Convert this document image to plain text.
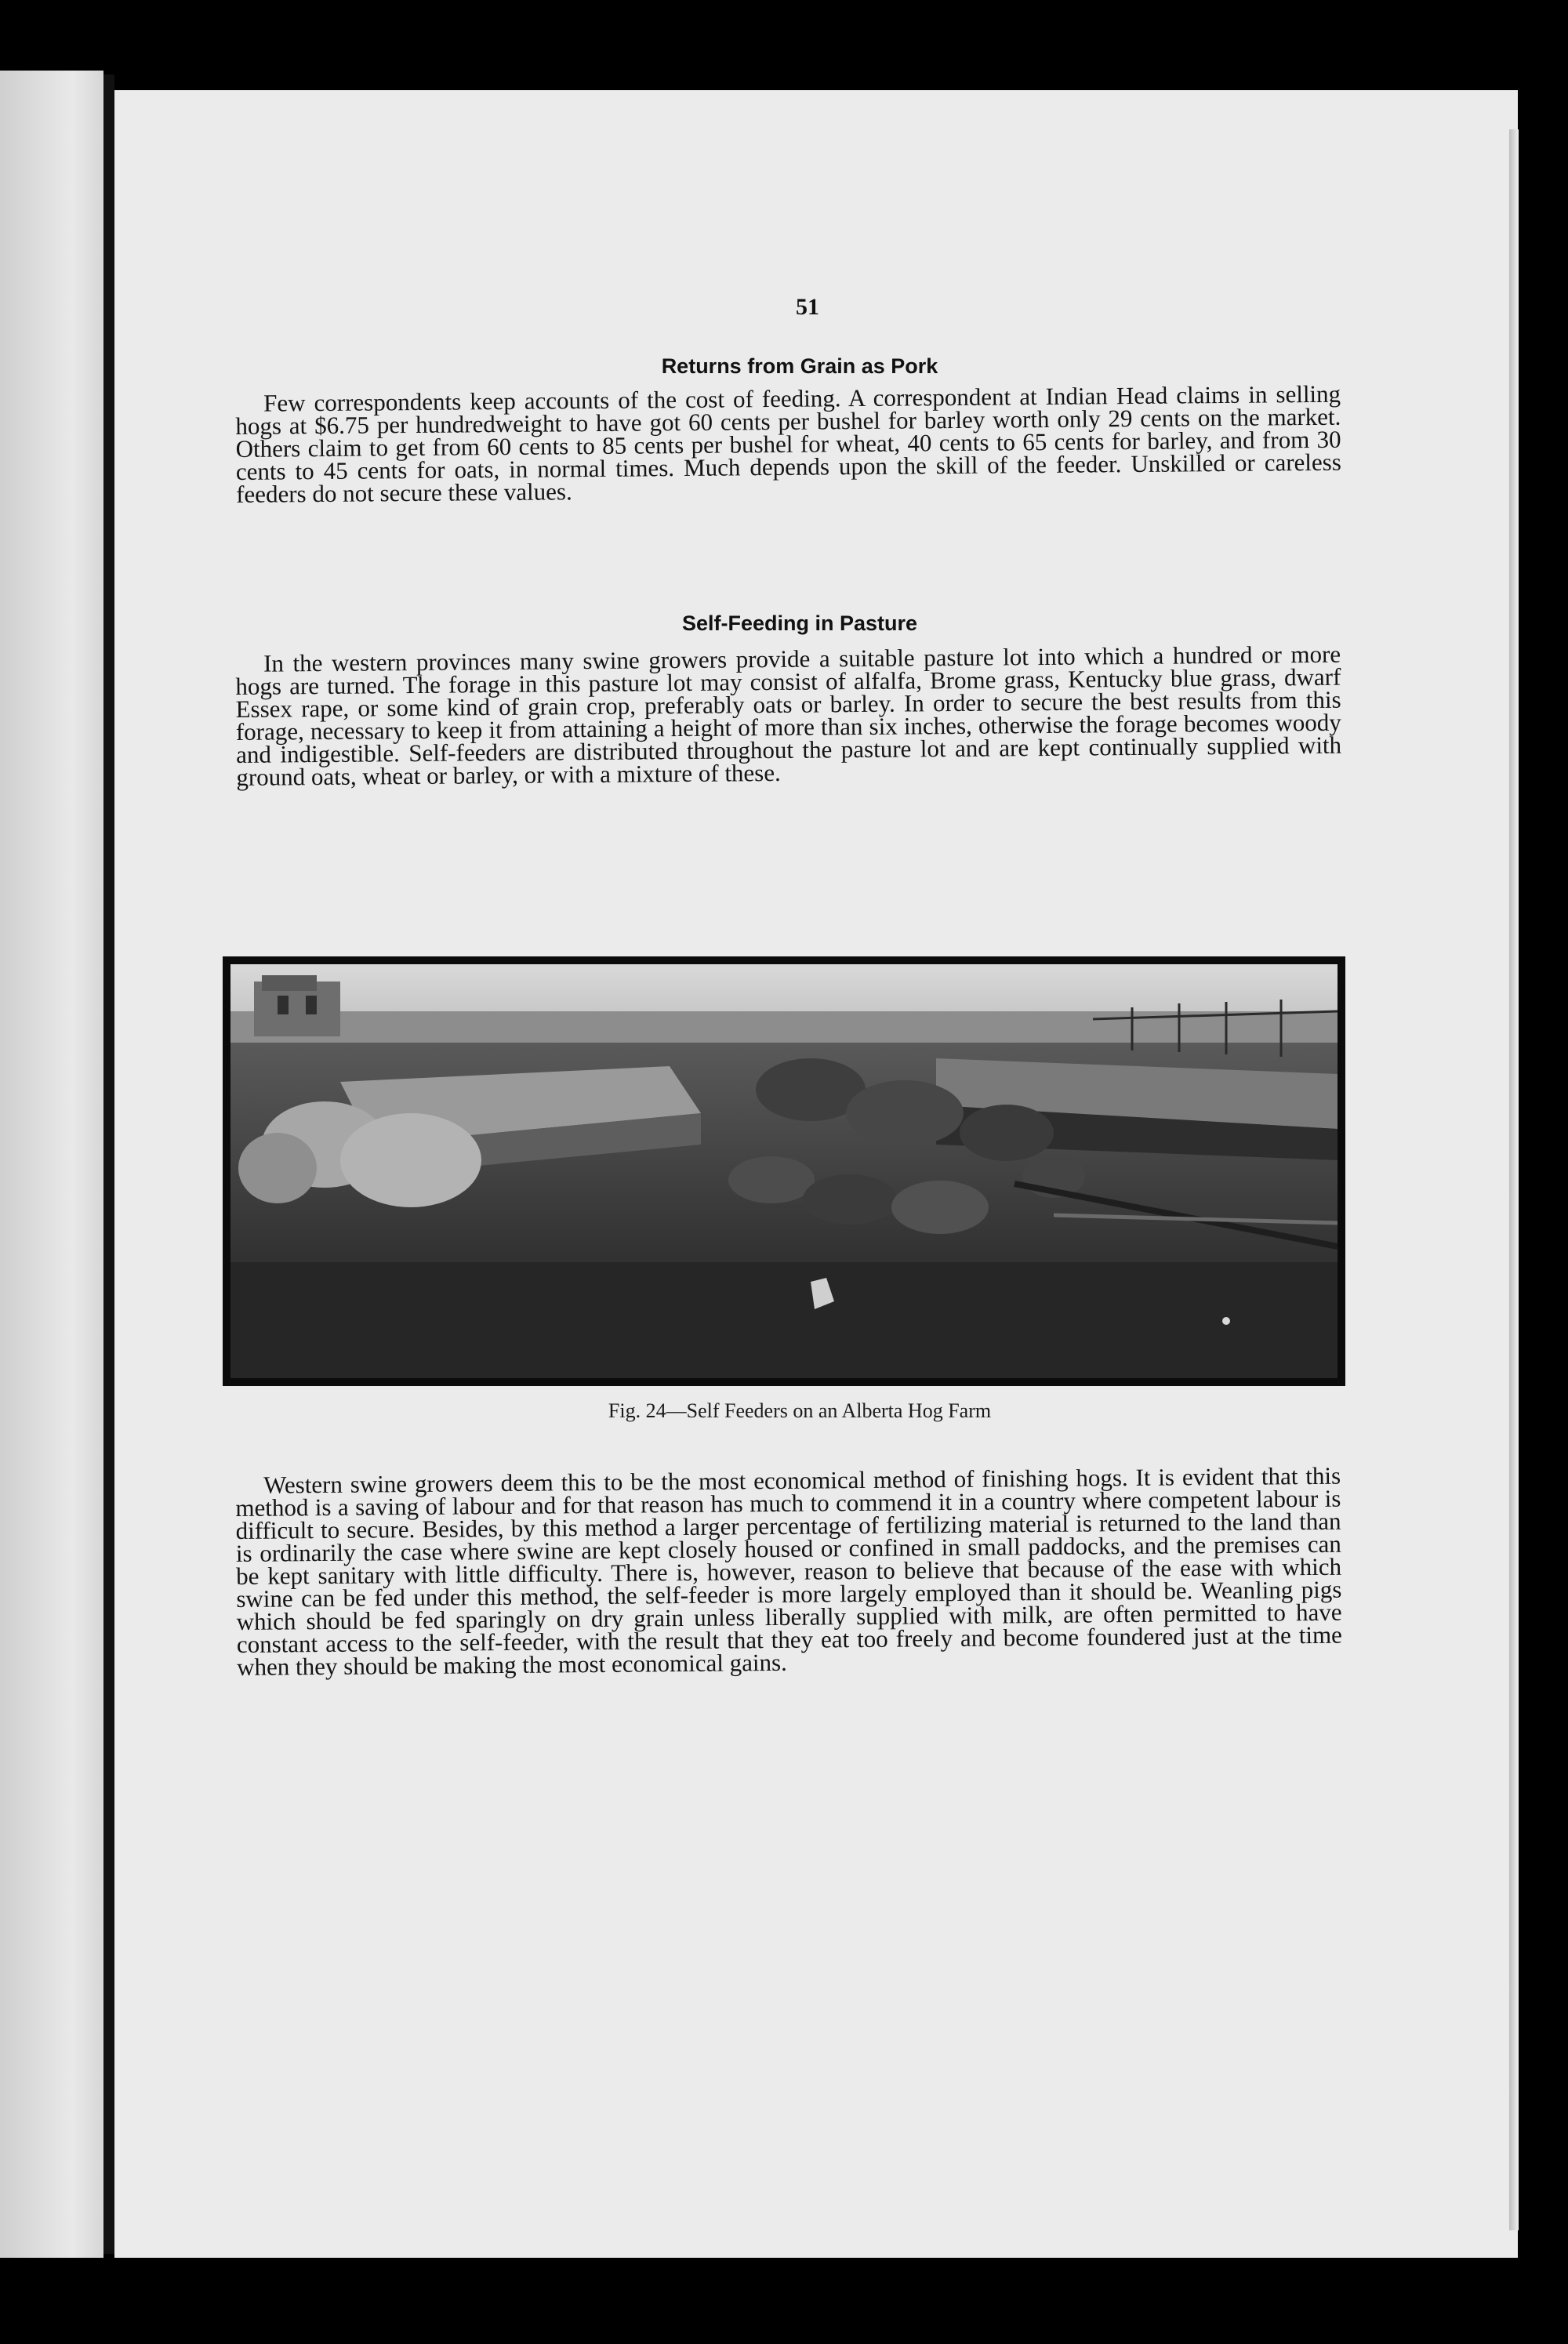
51
Returns from Grain as Pork
Few correspondents keep accounts of the cost of feeding. A correspondent at Indian Head claims in selling hogs at $6.75 per hundredweight to have got 60 cents per bushel for barley worth only 29 cents on the market. Others claim to get from 60 cents to 85 cents per bushel for wheat, 40 cents to 65 cents for barley, and from 30 cents to 45 cents for oats, in normal times. Much depends upon the skill of the feeder. Unskilled or careless feeders do not secure these values.
Self-Feeding in Pasture
In the western provinces many swine growers provide a suitable pasture lot into which a hundred or more hogs are turned. The forage in this pasture lot may consist of alfalfa, Brome grass, Kentucky blue grass, dwarf Essex rape, or some kind of grain crop, preferably oats or barley. In order to secure the best results from this forage, necessary to keep it from attaining a height of more than six inches, otherwise the forage becomes woody and indigestible. Self-feeders are distributed throughout the pasture lot and are kept continually supplied with ground oats, wheat or barley, or with a mixture of these.
Fig. 24—Self Feeders on an Alberta Hog Farm
Western swine growers deem this to be the most economical method of finishing hogs. It is evident that this method is a saving of labour and for that reason has much to commend it in a country where competent labour is difficult to secure. Besides, by this method a larger percentage of fertilizing material is returned to the land than is ordinarily the case where swine are kept closely housed or confined in small paddocks, and the premises can be kept sanitary with little difficulty. There is, however, reason to believe that because of the ease with which swine can be fed under this method, the self-feeder is more largely employed than it should be. Weanling pigs which should be fed sparingly on dry grain unless liberally supplied with milk, are often permitted to have constant access to the self-feeder, with the result that they eat too freely and become foundered just at the time when they should be making the most economical gains.
